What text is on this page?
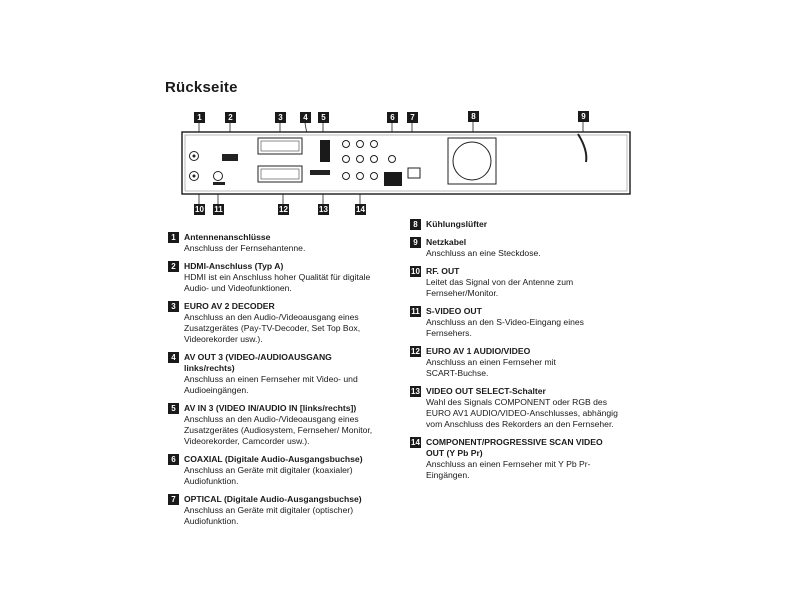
Rückseite
1	2	3	4	5	6	7	8	9
10 11	12	13	14
1 Antennenanschlüsse
Anschluss der Fernsehantenne.
2 HDMI-Anschluss (Typ A)
HDMI ist ein Anschluss hoher Qualität für digitale
Audio- und Videofunktionen.
3 EURO AV 2 DECODER
Anschluss an den Audio-/Videoausgang eines
Zusatzgerätes (Pay-TV-Decoder, Set Top Box,
Videorekorder usw.).
4 AV OUT 3 (VIDEO-/AUDIOAUSGANG
links/rechts)
Anschluss an einen Fernseher mit Video- und
Audioeingängen.
5 AV IN 3 (VIDEO IN/AUDIO IN [links/rechts])
Anschluss an den Audio-/Videoausgang eines
Zusatzgerätes (Audiosystem, Fernseher/ Monitor,
Videorekorder, Camcorder usw.).
6 COAXIAL (Digitale Audio-Ausgangsbuchse)
Anschluss an Geräte mit digitaler (koaxialer)
Audiofunktion.
7 OPTICAL (Digitale Audio-Ausgangsbuchse)
Anschluss an Geräte mit digitaler (optischer)
Audiofunktion.
8 Kühlungslüfter
9 Netzkabel
Anschluss an eine Steckdose.
10 RF. OUT
Leitet das Signal von der Antenne zum
Fernseher/Monitor.
11 S-VIDEO OUT
Anschluss an den S-Video-Eingang eines
Fernsehers.
12 EURO AV 1 AUDIO/VIDEO
Anschluss an einen Fernseher mit
SCART-Buchse.
13 VIDEO OUT SELECT-Schalter
Wahl des Signals COMPONENT oder RGB des
EURO AV1 AUDIO/VIDEO-Anschlusses, abhängig
vom Anschluss des Rekorders an den Fernseher.
14 COMPONENT/PROGRESSIVE SCAN VIDEO
OUT (Y Pb Pr)
Anschluss an einen Fernseher mit Y Pb Pr-
Eingängen.
